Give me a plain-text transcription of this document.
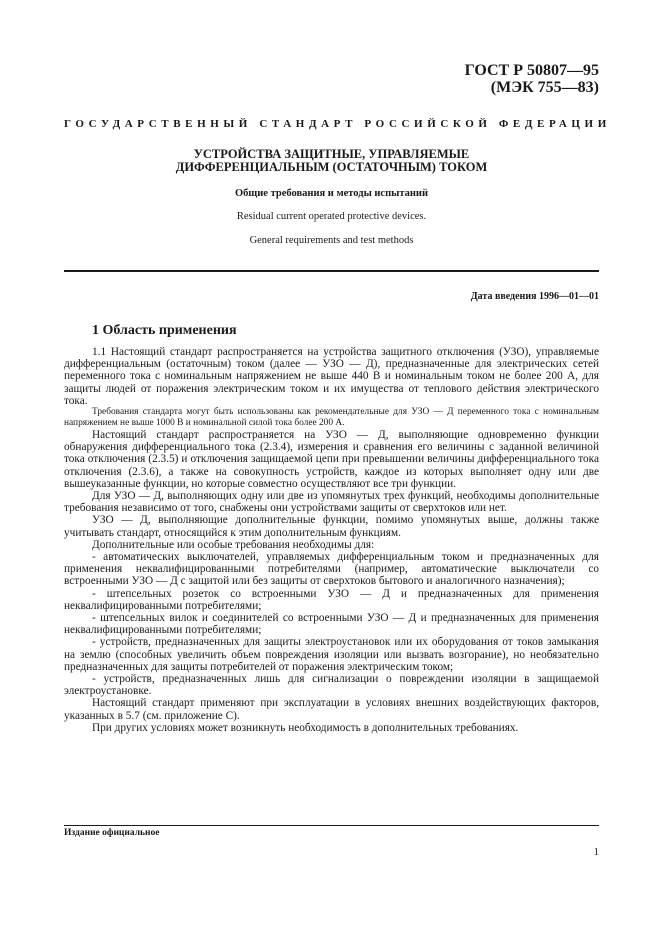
ГОСТ Р 50807—95
(МЭК 755—83)
ГОСУДАРСТВЕННЫЙ СТАНДАРТ РОССИЙСКОЙ ФЕДЕРАЦИИ
УСТРОЙСТВА ЗАЩИТНЫЕ, УПРАВЛЯЕМЫЕ
ДИФФЕРЕНЦИАЛЬНЫМ (ОСТАТОЧНЫМ) ТОКОМ
Общие требования и методы испытаний
Residual current operated protective devices.
General requirements and test methods
Дата введения 1996—01—01
1 Область применения

1.1 Настоящий стандарт распространяется на устройства защитного отключения (УЗО), управляемые дифференциальным (остаточным) током (далее — УЗО — Д), предназначенные для электрических сетей переменного тока с номинальным напряжением не выше 440 В и номинальным током не более 200 А, для защиты людей от поражения электрическим током и их имущества от теплового действия электрического тока.

Требования стандарта могут быть использованы как рекомендательные для УЗО — Д переменного тока с номинальным напряжением не выше 1000 В и номинальной силой тока более 200 А.

Настоящий стандарт распространяется на УЗО — Д, выполняющие одновременно функции обнаружения дифференциального тока (2.3.4), измерения и сравнения его величины с заданной величиной тока отключения (2.3.5) и отключения защищаемой цепи при превышении величины дифференциального тока отключения (2.3.6), а также на совокупность устройств, каждое из которых выполняет одну или две вышеуказанные функции, но которые совместно осуществляют все три функции.

Для УЗО — Д, выполняющих одну или две из упомянутых трех функций, необходимы дополнительные требования независимо от того, снабжены они устройствами защиты от сверхтоков или нет.

УЗО — Д, выполняющие дополнительные функции, помимо упомянутых выше, должны также учитывать стандарт, относящийся к этим дополнительным функциям.

Дополнительные или особые требования необходимы для:

- автоматических выключателей, управляемых дифференциальным током и предназначенных для применения неквалифицированными потребителями (например, автоматические выключатели со встроенными УЗО — Д с защитой или без защиты от сверхтоков бытового и аналогичного назначения);

- штепсельных розеток со встроенными УЗО — Д и предназначенных для применения неквалифицированными потребителями;

- штепсельных вилок и соединителей со встроенными УЗО — Д и предназначенных для применения неквалифицированными потребителями;

- устройств, предназначенных для защиты электроустановок или их оборудования от токов замыкания на землю (способных увеличить объем повреждения изоляции или вызвать возгорание), но необязательно предназначенных для защиты потребителей от поражения электрическим током;

- устройств, предназначенных лишь для сигнализации о повреждении изоляции в защищаемой электроустановке.

Настоящий стандарт применяют при эксплуатации в условиях внешних воздействующих факторов, указанных в 5.7 (см. приложение С).

При других условиях может возникнуть необходимость в дополнительных требованиях.

Издание официальное
1
